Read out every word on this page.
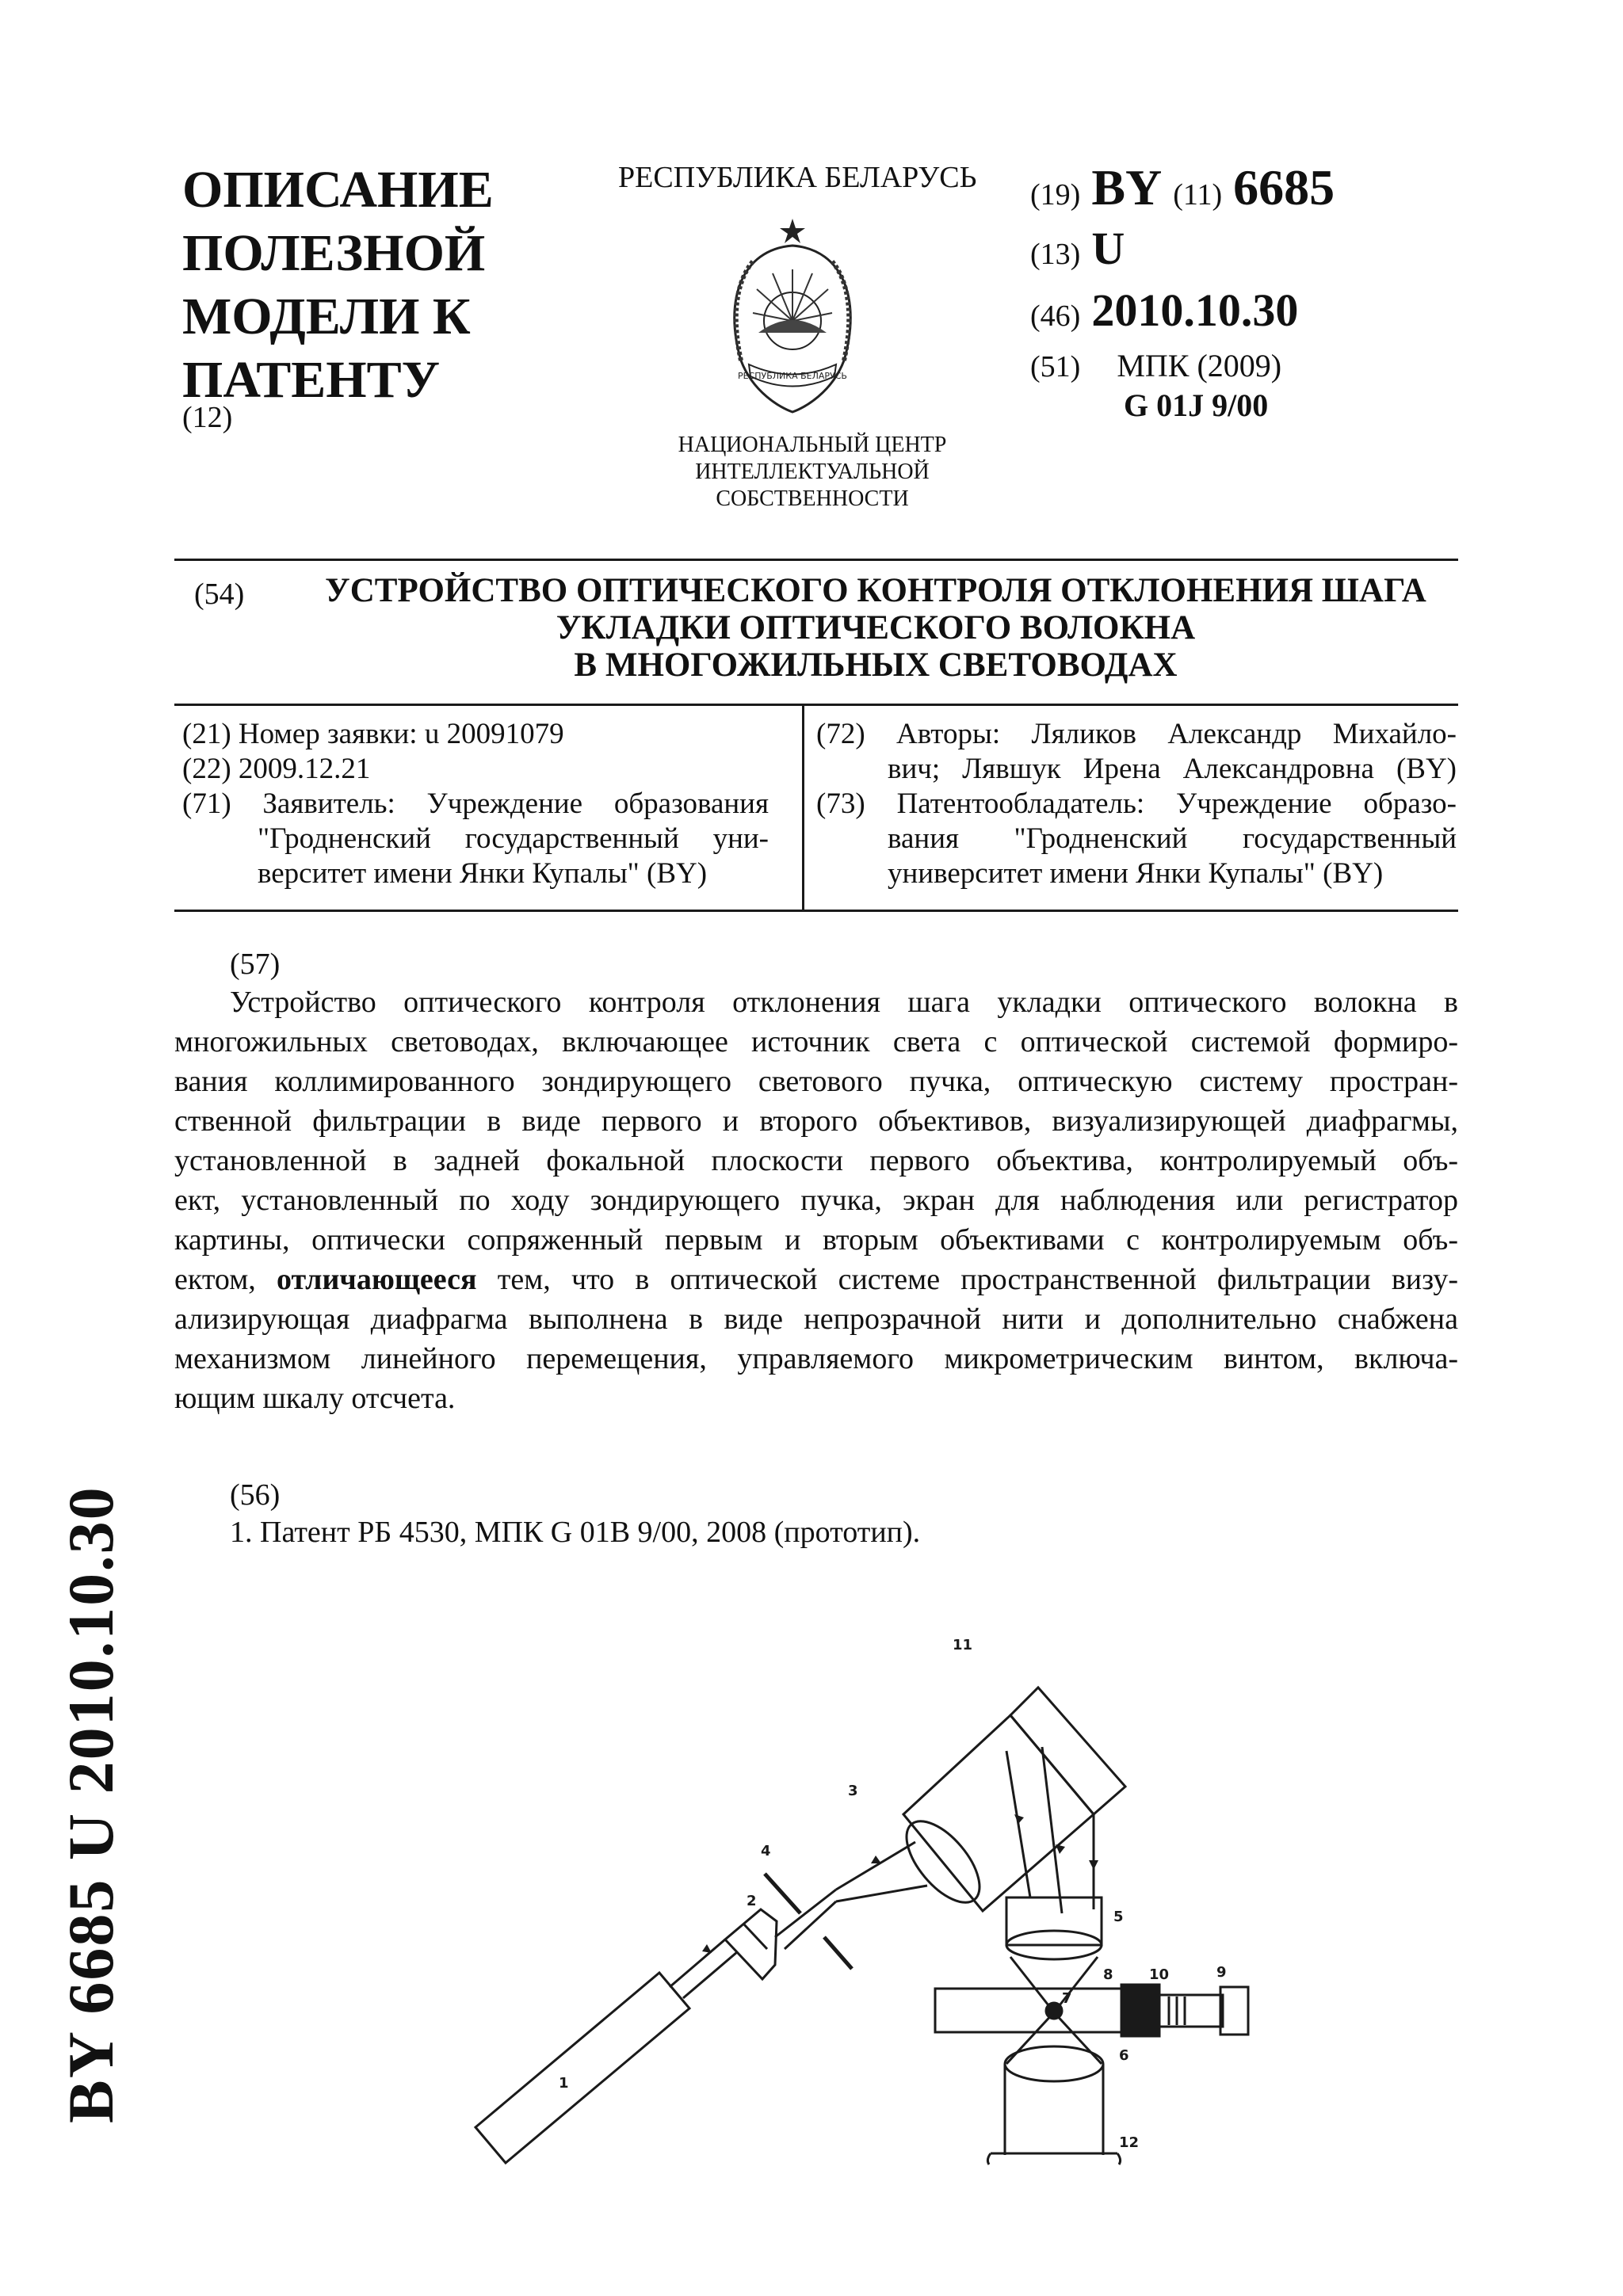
ОПИСАНИЕ
ПОЛЕЗНОЙ
МОДЕЛИ К
ПАТЕНТУ
(12)
РЕСПУБЛИКА БЕЛАРУСЬ
РЕСПУБЛИКА БЕЛАРУСЬ
НАЦИОНАЛЬНЫЙ ЦЕНТР
ИНТЕЛЛЕКТУАЛЬНОЙ
СОБСТВЕННОСТИ
(19) BY (11) 6685
(13) U
(46) 2010.10.30
(51) МПК (2009)
G 01J 9/00
(54)	УСТРОЙСТВО ОПТИЧЕСКОГО КОНТРОЛЯ ОТКЛОНЕНИЯ ШАГА
УКЛАДКИ ОПТИЧЕСКОГО ВОЛОКНА
В МНОГОЖИЛЬНЫХ СВЕТОВОДАХ
(21) Номер заявки: u 20091079
(22) 2009.12.21
(71) Заявитель: Учреждение образования
"Гродненский государственный уни-
верситет имени Янки Купалы" (BY)
(72) Авторы: Ляликов Александр Михайло-
вич; Лявшук Ирена Александровна (BY)
(73) Патентообладатель: Учреждение образо-
вания "Гродненский государственный
университет имени Янки Купалы" (BY)
(57)
Устройство оптического контроля отклонения шага укладки оптического волокна в
многожильных световодах, включающее источник света с оптической системой формиро-
вания коллимированного зондирующего светового пучка, оптическую систему простран-
ственной фильтрации в виде первого и второго объективов, визуализирующей диафрагмы,
установленной в задней фокальной плоскости первого объектива, контролируемый объ-
ект, установленный по ходу зондирующего пучка, экран для наблюдения или регистратор
картины, оптически сопряженный первым и вторым объективами с контролируемым объ-
ектом, отличающееся тем, что в оптической системе пространственной фильтрации визу-
ализирующая диафрагма выполнена в виде непрозрачной нити и дополнительно снабжена
механизмом линейного перемещения, управляемого микрометрическим винтом, включа-
ющим шкалу отсчета.
(56)
1. Патент РБ 4530, МПК G 01B 9/00, 2008 (прототип).
BY 6685 U 2010.10.30	1
2
3
4
5
6
7
8	9
10
11
12
